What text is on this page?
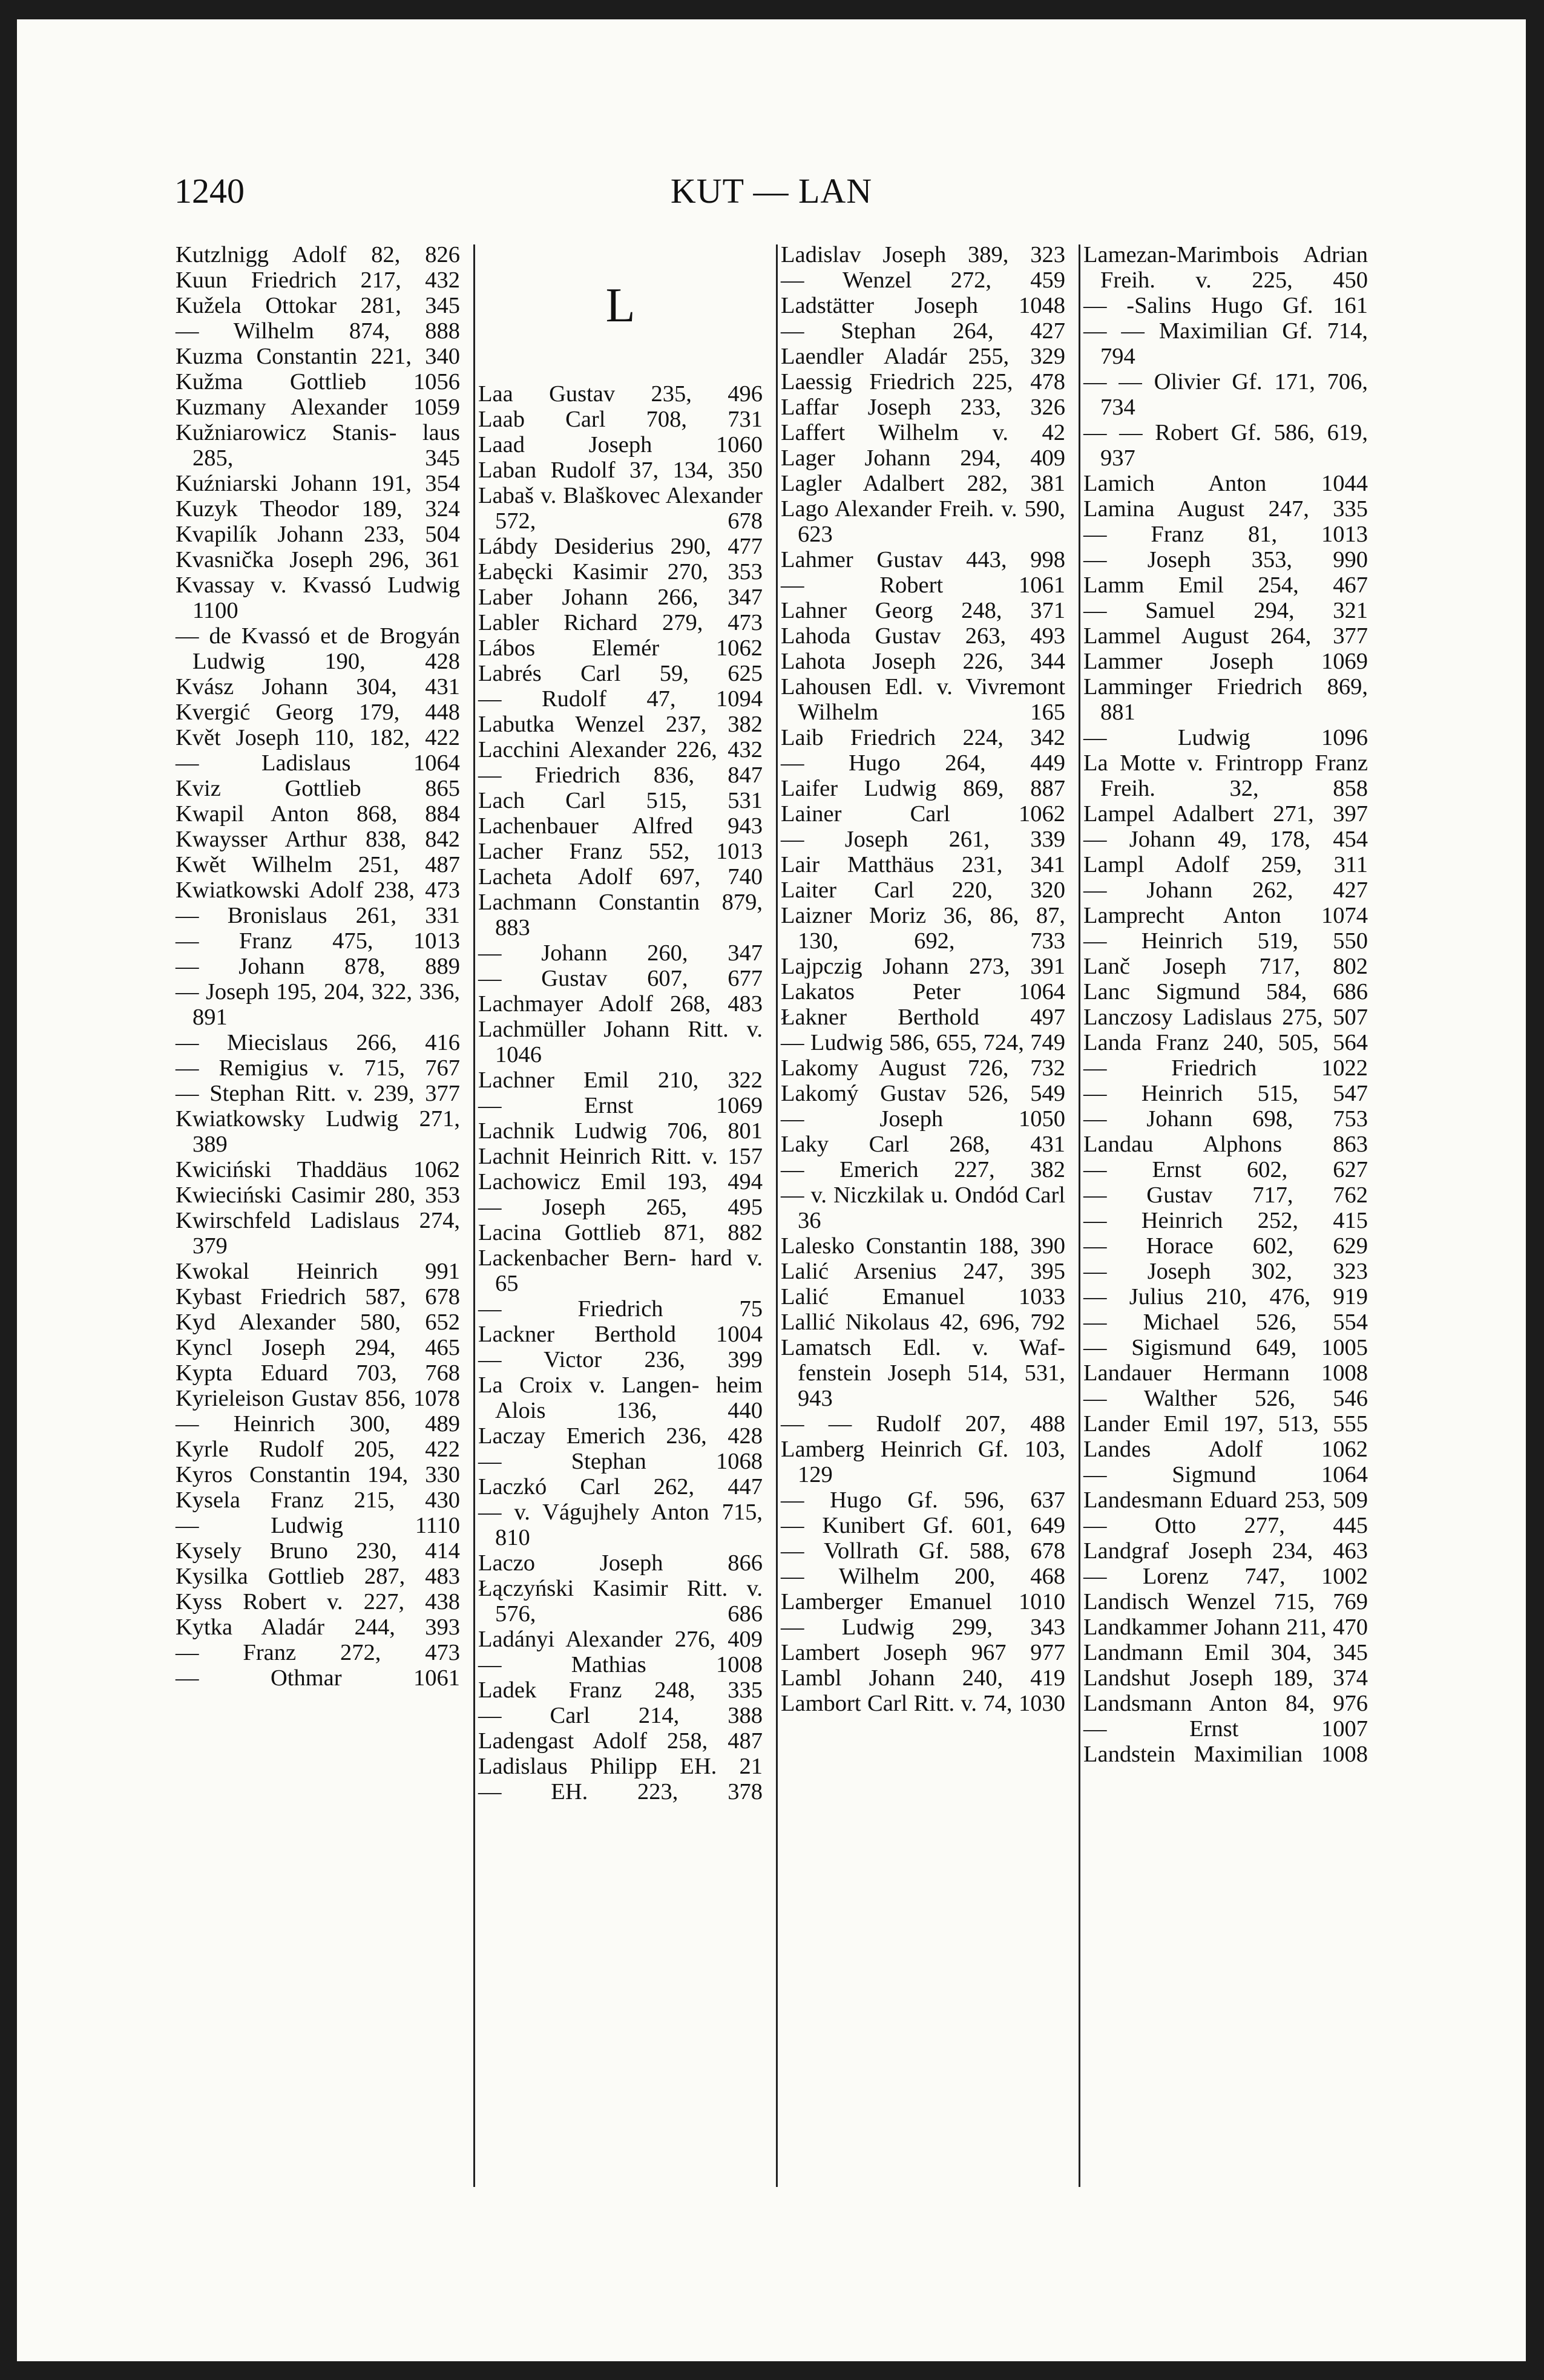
1240	KUT — LAN
Kutzlnigg Adolf 82, 826
Kuun Friedrich 217, 432
Kužela Ottokar 281, 345
— Wilhelm 874, 888
Kuzma Constantin 221, 340
Kužma Gottlieb 1056
Kuzmany Alexander 1059
Kužniarowicz Stanis- laus 285, 345
Kuźniarski Johann 191, 354
Kuzyk Theodor 189, 324
Kvapilík Johann 233, 504
Kvasnička Joseph 296, 361
Kvassay v. Kvassó Ludwig 1100
— de Kvassó et de Brogyán Ludwig 190, 428
Kvász Johann 304, 431
Kvergić Georg 179, 448
Květ Joseph 110, 182, 422
— Ladislaus 1064
Kviz Gottlieb 865
Kwapil Anton 868, 884
Kwaysser Arthur 838, 842
Kwět Wilhelm 251, 487
Kwiatkowski Adolf 238, 473
— Bronislaus 261, 331
— Franz 475, 1013
— Johann 878, 889
— Joseph 195, 204, 322, 336, 891
— Miecislaus 266, 416
— Remigius v. 715, 767
— Stephan Ritt. v. 239, 377
Kwiatkowsky Ludwig 271, 389
Kwiciński Thaddäus 1062
Kwieciński Casimir 280, 353
Kwirschfeld Ladislaus 274, 379
Kwokal Heinrich 991
Kybast Friedrich 587, 678
Kyd Alexander 580, 652
Kyncl Joseph 294, 465
Kypta Eduard 703, 768
Kyrieleison Gustav 856, 1078
— Heinrich 300, 489
Kyrle Rudolf 205, 422
Kyros Constantin 194, 330
Kysela Franz 215, 430
— Ludwig 1110
Kysely Bruno 230, 414
Kysilka Gottlieb 287, 483
Kyss Robert v. 227, 438
Kytka Aladár 244, 393
— Franz 272, 473
— Othmar 1061
L
Laa Gustav 235, 496
Laab Carl 708, 731
Laad Joseph 1060
Laban Rudolf 37, 134, 350
Labaš v. Blaškovec Alexander 572, 678
Lábdy Desiderius 290, 477
Łabęcki Kasimir 270, 353
Laber Johann 266, 347
Labler Richard 279, 473
Lábos Elemér 1062
Labrés Carl 59, 625
— Rudolf 47, 1094
Labutka Wenzel 237, 382
Lacchini Alexander 226, 432
— Friedrich 836, 847
Lach Carl 515, 531
Lachenbauer Alfred 943
Lacher Franz 552, 1013
Lacheta Adolf 697, 740
Lachmann Constantin 879, 883
— Johann 260, 347
— Gustav 607, 677
Lachmayer Adolf 268, 483
Lachmüller Johann Ritt. v. 1046
Lachner Emil 210, 322
— Ernst 1069
Lachnik Ludwig 706, 801
Lachnit Heinrich Ritt. v. 157
Lachowicz Emil 193, 494
— Joseph 265, 495
Lacina Gottlieb 871, 882
Lackenbacher Bern- hard v. 65
— Friedrich 75
Lackner Berthold 1004
— Victor 236, 399
La Croix v. Langen- heim Alois 136, 440
Laczay Emerich 236, 428
— Stephan 1068
Laczkó Carl 262, 447
— v. Vágujhely Anton 715, 810
Laczo Joseph 866
Łączyński Kasimir Ritt. v. 576, 686
Ladányi Alexander 276, 409
— Mathias 1008
Ladek Franz 248, 335
— Carl 214, 388
Ladengast Adolf 258, 487
Ladislaus Philipp EH. 21
— EH. 223, 378
Ladislav Joseph 389, 323
— Wenzel 272, 459
Ladstätter Joseph 1048
— Stephan 264, 427
Laendler Aladár 255, 329
Laessig Friedrich 225, 478
Laffar Joseph 233, 326
Laffert Wilhelm v. 42
Lager Johann 294, 409
Lagler Adalbert 282, 381
Lago Alexander Freih. v. 590, 623
Lahmer Gustav 443, 998
— Robert 1061
Lahner Georg 248, 371
Lahoda Gustav 263, 493
Lahota Joseph 226, 344
Lahousen Edl. v. Vivremont Wilhelm 165
Laib Friedrich 224, 342
— Hugo 264, 449
Laifer Ludwig 869, 887
Lainer Carl 1062
— Joseph 261, 339
Lair Matthäus 231, 341
Laiter Carl 220, 320
Laizner Moriz 36, 86, 87, 130, 692, 733
Lajpczig Johann 273, 391
Lakatos Peter 1064
Łakner Berthold 497
— Ludwig 586, 655, 724, 749
Lakomy August 726, 732
Lakomý Gustav 526, 549
— Joseph 1050
Laky Carl 268, 431
— Emerich 227, 382
— v. Niczkilak u. Ondód Carl 36
Lalesko Constantin 188, 390
Lalić Arsenius 247, 395
Lalić Emanuel 1033
Lallić Nikolaus 42, 696, 792
Lamatsch Edl. v. Waf- fenstein Joseph 514, 531, 943
— — Rudolf 207, 488
Lamberg Heinrich Gf. 103, 129
— Hugo Gf. 596, 637
— Kunibert Gf. 601, 649
— Vollrath Gf. 588, 678
— Wilhelm 200, 468
Lamberger Emanuel 1010
— Ludwig 299, 343
Lambert Joseph 967 977
Lambl Johann 240, 419
Lambort Carl Ritt. v. 74, 1030
Lamezan-Marimbois Adrian Freih. v. 225, 450
— -Salins Hugo Gf. 161
— — Maximilian Gf. 714, 794
— — Olivier Gf. 171, 706, 734
— — Robert Gf. 586, 619, 937
Lamich Anton 1044
Lamina August 247, 335
— Franz 81, 1013
— Joseph 353, 990
Lamm Emil 254, 467
— Samuel 294, 321
Lammel August 264, 377
Lammer Joseph 1069
Lamminger Friedrich 869, 881
— Ludwig 1096
La Motte v. Frintropp Franz Freih. 32, 858
Lampel Adalbert 271, 397
— Johann 49, 178, 454
Lampl Adolf 259, 311
— Johann 262, 427
Lamprecht Anton 1074
— Heinrich 519, 550
Lanč Joseph 717, 802
Lanc Sigmund 584, 686
Lanczosy Ladislaus 275, 507
Landa Franz 240, 505, 564
— Friedrich 1022
— Heinrich 515, 547
— Johann 698, 753
Landau Alphons 863
— Ernst 602, 627
— Gustav 717, 762
— Heinrich 252, 415
— Horace 602, 629
— Joseph 302, 323
— Julius 210, 476, 919
— Michael 526, 554
— Sigismund 649, 1005
Landauer Hermann 1008
— Walther 526, 546
Lander Emil 197, 513, 555
Landes Adolf 1062
— Sigmund 1064
Landesmann Eduard 253, 509
— Otto 277, 445
Landgraf Joseph 234, 463
— Lorenz 747, 1002
Landisch Wenzel 715, 769
Landkammer Johann 211, 470
Landmann Emil 304, 345
Landshut Joseph 189, 374
Landsmann Anton 84, 976
— Ernst 1007
Landstein Maximilian 1008
